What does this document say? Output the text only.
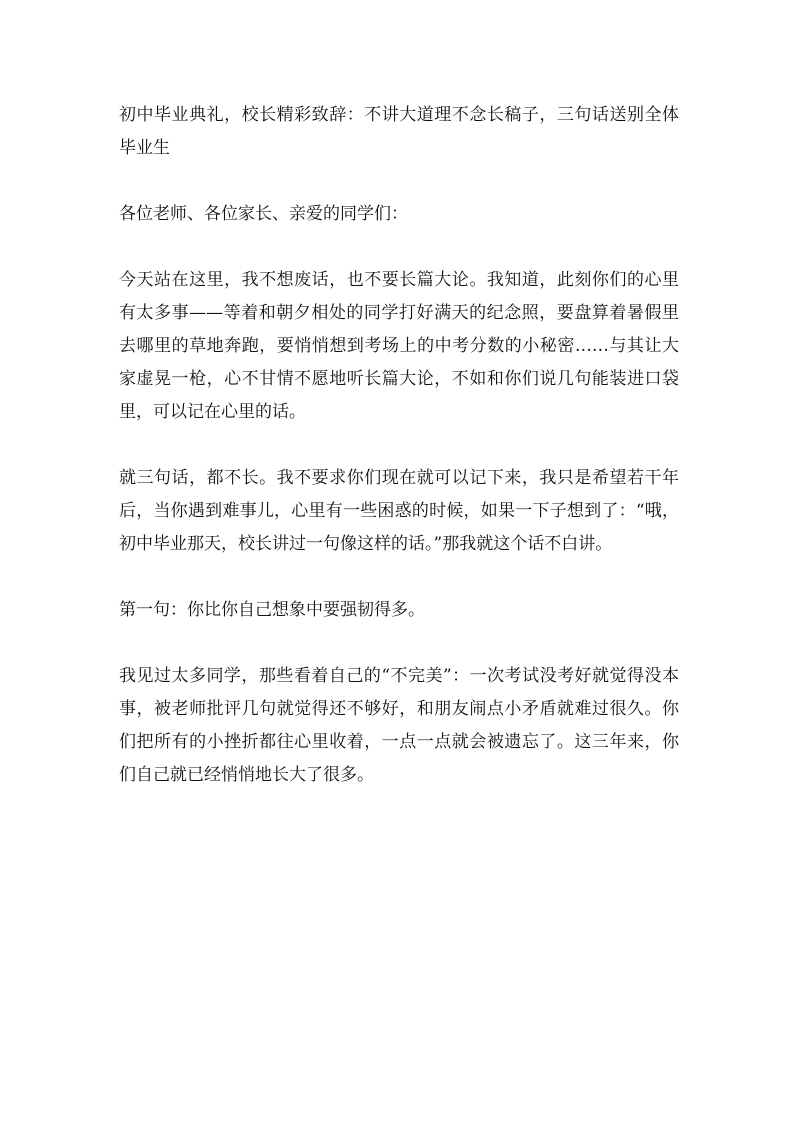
初中毕业典礼，校长精彩致辞：不讲大道理不念长稿子，三句话送别全体毕业生

各位老师、各位家长、亲爱的同学们：

今天站在这里，我不想废话，也不要长篇大论。我知道，此刻你们的心里有太多事——等着和朝夕相处的同学打好满天的纪念照，要盘算着暑假里去哪里的草地奔跑，要悄悄想到考场上的中考分数的小秘密……与其让大家虚晃一枪，心不甘情不愿地听长篇大论，不如和你们说几句能装进口袋里，可以记在心里的话。

就三句话，都不长。我不要求你们现在就可以记下来，我只是希望若干年后，当你遇到难事儿，心里有一些困惑的时候，如果一下子想到了：“哦，初中毕业那天，校长讲过一句像这样的话。”那我就这个话不白讲。

第一句：你比你自己想象中要强韧得多。

我见过太多同学，那些看着自己的“不完美”：一次考试没考好就觉得没本事，被老师批评几句就觉得还不够好，和朋友闹点小矛盾就难过很久。你们把所有的小挫折都往心里收着，一点一点就会被遗忘了。这三年来，你们自己就已经悄悄地长大了很多。
